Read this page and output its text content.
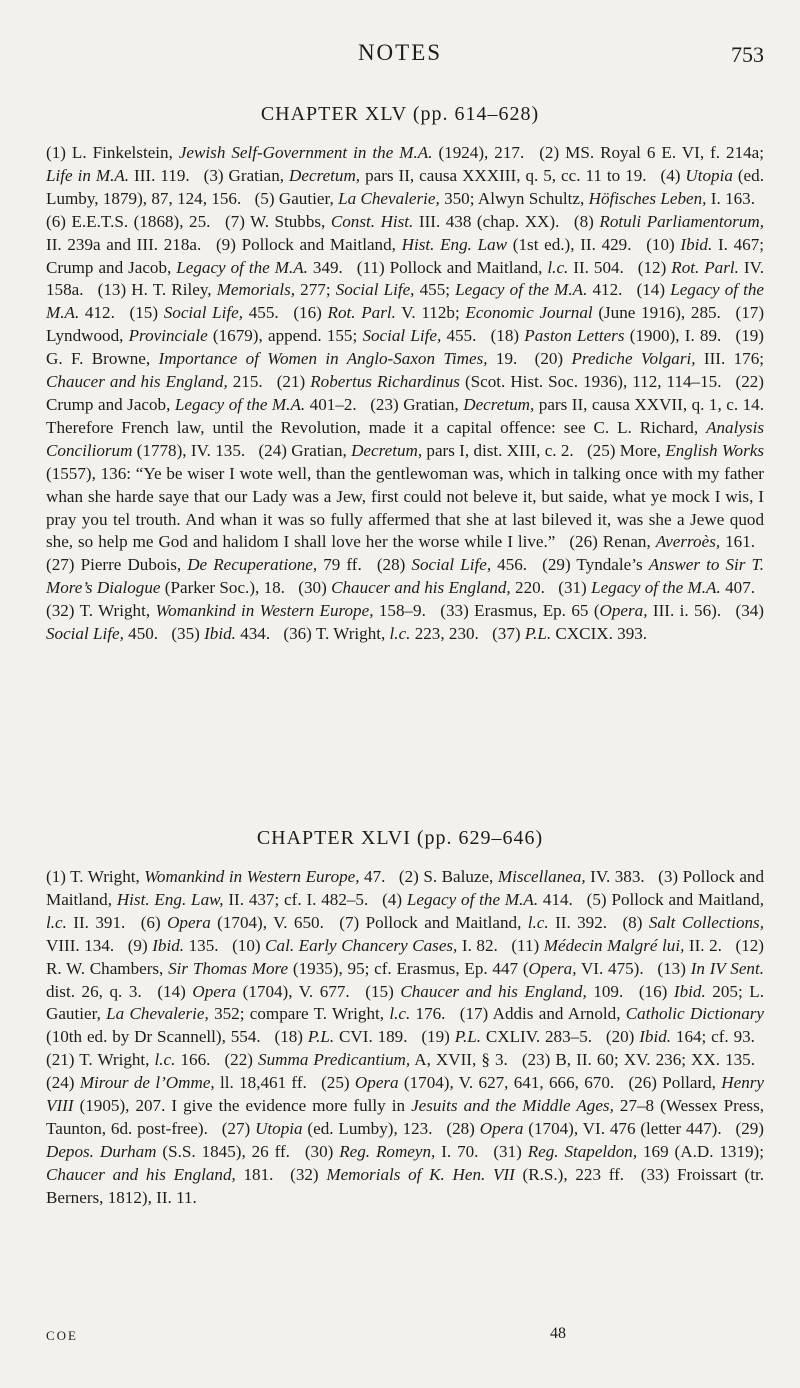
NOTES	753
CHAPTER XLV (pp. 614–628)
(1) L. Finkelstein, Jewish Self-Government in the M.A. (1924), 217. (2) MS. Royal 6 E. VI, f. 214a; Life in M.A. III. 119. (3) Gratian, Decretum, pars II, causa XXXIII, q. 5, cc. 11 to 19. (4) Utopia (ed. Lumby, 1879), 87, 124, 156. (5) Gautier, La Chevalerie, 350; Alwyn Schultz, Höfisches Leben, I. 163. (6) E.E.T.S. (1868), 25. (7) W. Stubbs, Const. Hist. III. 438 (chap. XX). (8) Rotuli Parliamentorum, II. 239a and III. 218a. (9) Pollock and Maitland, Hist. Eng. Law (1st ed.), II. 429. (10) Ibid. I. 467; Crump and Jacob, Legacy of the M.A. 349. (11) Pollock and Maitland, l.c. II. 504. (12) Rot. Parl. IV. 158a. (13) H. T. Riley, Memorials, 277; Social Life, 455; Legacy of the M.A. 412. (14) Legacy of the M.A. 412. (15) Social Life, 455. (16) Rot. Parl. V. 112b; Economic Journal (June 1916), 285. (17) Lyndwood, Provinciale (1679), append. 155; Social Life, 455. (18) Paston Letters (1900), I. 89. (19) G. F. Browne, Importance of Women in Anglo-Saxon Times, 19. (20) Prediche Volgari, III. 176; Chaucer and his England, 215. (21) Robertus Richardinus (Scot. Hist. Soc. 1936), 112, 114–15. (22) Crump and Jacob, Legacy of the M.A. 401–2. (23) Gratian, Decretum, pars II, causa XXVII, q. 1, c. 14. Therefore French law, until the Revolution, made it a capital offence: see C. L. Richard, Analysis Conciliorum (1778), IV. 135. (24) Gratian, Decretum, pars I, dist. XIII, c. 2. (25) More, English Works (1557), 136: “Ye be wiser I wote well, than the gentlewoman was, which in talking once with my father whan she harde saye that our Lady was a Jew, first could not beleve it, but saide, what ye mock I wis, I pray you tel trouth. And whan it was so fully affermed that she at last bileved it, was she a Jewe quod she, so help me God and halidom I shall love her the worse while I live.” (26) Renan, Averroès, 161. (27) Pierre Dubois, De Recuperatione, 79 ff. (28) Social Life, 456. (29) Tyndale’s Answer to Sir T. More’s Dialogue (Parker Soc.), 18. (30) Chaucer and his England, 220. (31) Legacy of the M.A. 407. (32) T. Wright, Womankind in Western Europe, 158–9. (33) Erasmus, Ep. 65 (Opera, III. i. 56). (34) Social Life, 450. (35) Ibid. 434. (36) T. Wright, l.c. 223, 230. (37) P.L. CXCIX. 393.
CHAPTER XLVI (pp. 629–646)
(1) T. Wright, Womankind in Western Europe, 47. (2) S. Baluze, Miscellanea, IV. 383. (3) Pollock and Maitland, Hist. Eng. Law, II. 437; cf. I. 482–5. (4) Legacy of the M.A. 414. (5) Pollock and Maitland, l.c. II. 391. (6) Opera (1704), V. 650. (7) Pollock and Maitland, l.c. II. 392. (8) Salt Collections, VIII. 134. (9) Ibid. 135. (10) Cal. Early Chancery Cases, I. 82. (11) Médecin Malgré lui, II. 2. (12) R. W. Chambers, Sir Thomas More (1935), 95; cf. Erasmus, Ep. 447 (Opera, VI. 475). (13) In IV Sent. dist. 26, q. 3. (14) Opera (1704), V. 677. (15) Chaucer and his England, 109. (16) Ibid. 205; L. Gautier, La Chevalerie, 352; compare T. Wright, l.c. 176. (17) Addis and Arnold, Catholic Dictionary (10th ed. by Dr Scannell), 554. (18) P.L. CVI. 189. (19) P.L. CXLIV. 283–5. (20) Ibid. 164; cf. 93. (21) T. Wright, l.c. 166. (22) Summa Predicantium, A, XVII, § 3. (23) B, II. 60; XV. 236; XX. 135. (24) Mirour de l’Omme, ll. 18,461 ff. (25) Opera (1704), V. 627, 641, 666, 670. (26) Pollard, Henry VIII (1905), 207. I give the evidence more fully in Jesuits and the Middle Ages, 27–8 (Wessex Press, Taunton, 6d. post-free). (27) Utopia (ed. Lumby), 123. (28) Opera (1704), VI. 476 (letter 447). (29) Depos. Durham (S.S. 1845), 26 ff. (30) Reg. Romeyn, I. 70. (31) Reg. Stapeldon, 169 (A.D. 1319); Chaucer and his England, 181. (32) Memorials of K. Hen. VII (R.S.), 223 ff. (33) Froissart (tr. Berners, 1812), II. 11.
COE	48
